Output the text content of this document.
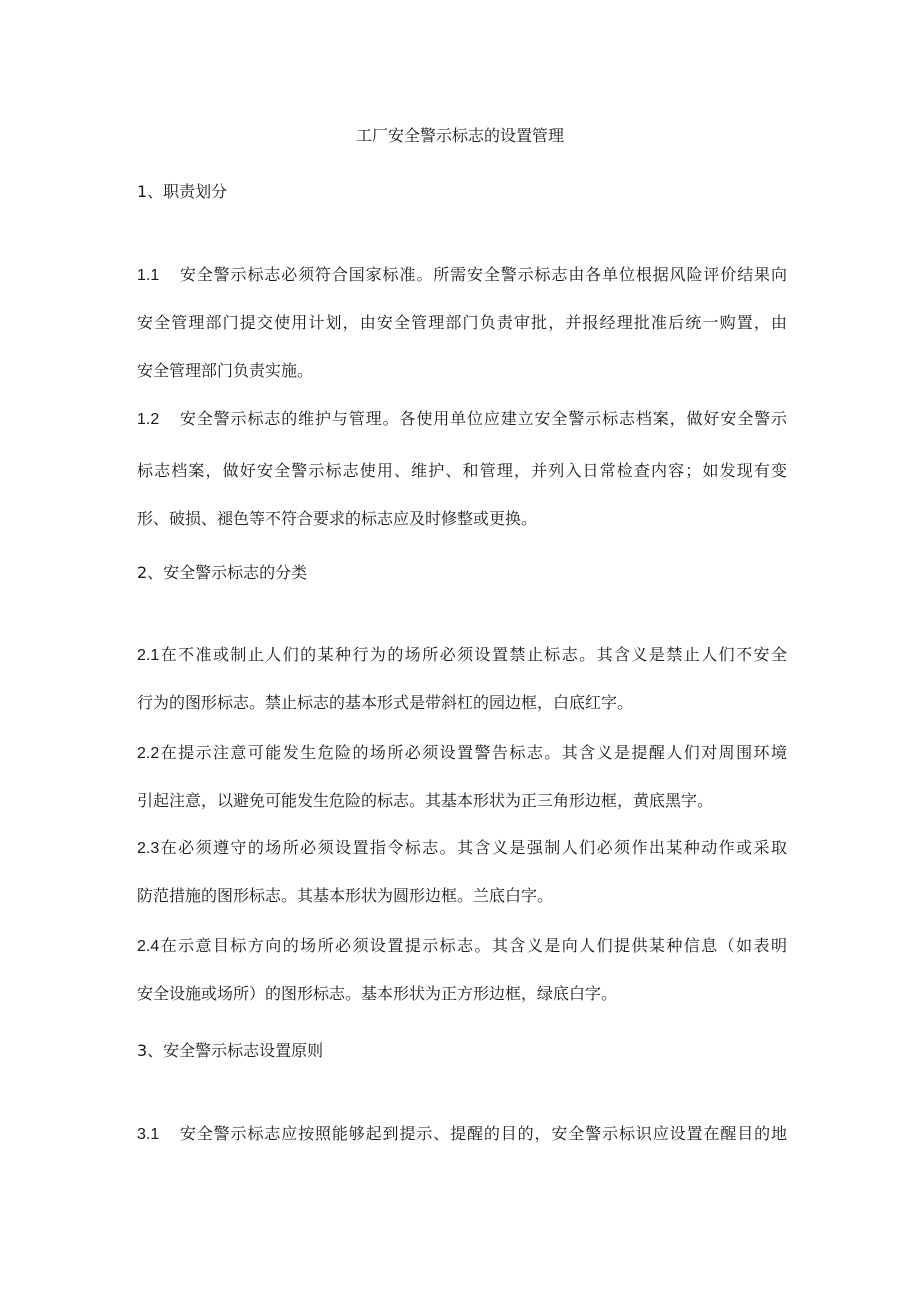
工厂安全警示标志的设置管理
1、职责划分
1.1 安全警示标志必须符合国家标准。所需安全警示标志由各单位根据风险评价结果向
安全管理部门提交使用计划，由安全管理部门负责审批，并报经理批准后统一购置，由
安全管理部门负责实施。
1.2 安全警示标志的维护与管理。各使用单位应建立安全警示标志档案，做好安全警示
标志档案，做好安全警示标志使用、维护、和管理，并列入日常检查内容；如发现有变
形、破损、褪色等不符合要求的标志应及时修整或更换。
2、安全警示标志的分类
2.1在不准或制止人们的某种行为的场所必须设置禁止标志。其含义是禁止人们不安全
行为的图形标志。禁止标志的基本形式是带斜杠的园边框，白底红字。
2.2在提示注意可能发生危险的场所必须设置警告标志。其含义是提醒人们对周围环境
引起注意，以避免可能发生危险的标志。其基本形状为正三角形边框，黄底黑字。
2.3在必须遵守的场所必须设置指令标志。其含义是强制人们必须作出某种动作或采取
防范措施的图形标志。其基本形状为圆形边框。兰底白字。
2.4在示意目标方向的场所必须设置提示标志。其含义是向人们提供某种信息（如表明
安全设施或场所）的图形标志。基本形状为正方形边框，绿底白字。
3、安全警示标志设置原则
3.1 安全警示标志应按照能够起到提示、提醒的目的，安全警示标识应设置在醒目的地
